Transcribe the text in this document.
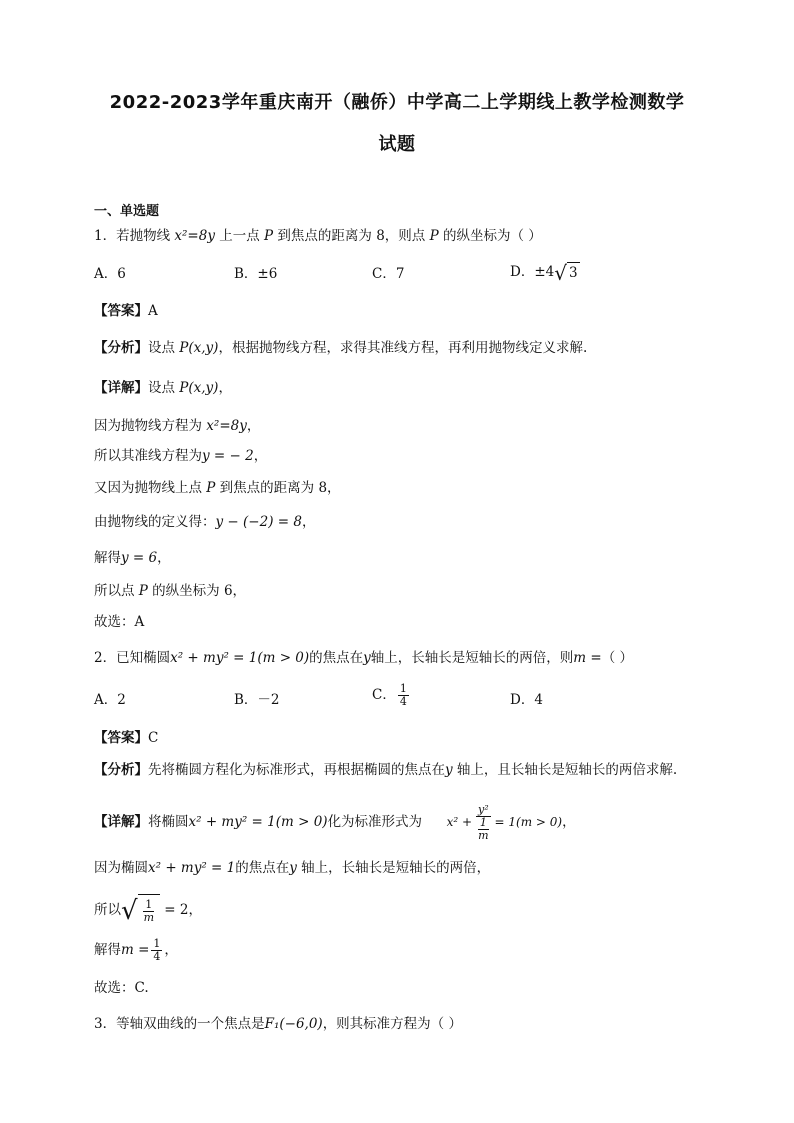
2022-2023学年重庆南开（融侨）中学高二上学期线上教学检测数学
试题
一、单选题
1．若抛物线 x²=8y 上一点 P 到焦点的距离为 8，则点 P 的纵坐标为（ ）
A．6	B．±6	C．7	D．±4 √ 3
【答案】A
【分析】设点 P(x,y)，根据抛物线方程，求得其准线方程，再利用抛物线定义求解.
【详解】设点 P(x,y)，
因为抛物线方程为 x²=8y，
所以其准线方程为y = − 2，
又因为抛物线上点 P 到焦点的距离为 8，
由抛物线的定义得：y − (−2) = 8，
解得y = 6，
所以点 P 的纵坐标为 6，
故选：A
2．已知椭圆x² + my² = 1(m > 0)的焦点在y轴上，长轴长是短轴长的两倍，则m =（ ）
A．2	B．－2	C． $\frac{1}{4}$	D．4
【答案】C
【分析】先将椭圆方程化为标准形式，再根据椭圆的焦点在y 轴上，且长轴长是短轴长的两倍求解.
【详解】将椭圆x² + my² = 1(m > 0)化为标准形式为 $x^2 + \frac{\text{y²}}{\frac{1}{m}} = 1(m > 0)$，
因为椭圆x² + my² = 1的焦点在y 轴上，长轴长是短轴长的两倍，
所以 √ $\frac{1}{m} = 2$，
解得$m = \frac{1}{4}$ ，
故选：C.
3．等轴双曲线的一个焦点是F₁(−6,0)，则其标准方程为（ ）
